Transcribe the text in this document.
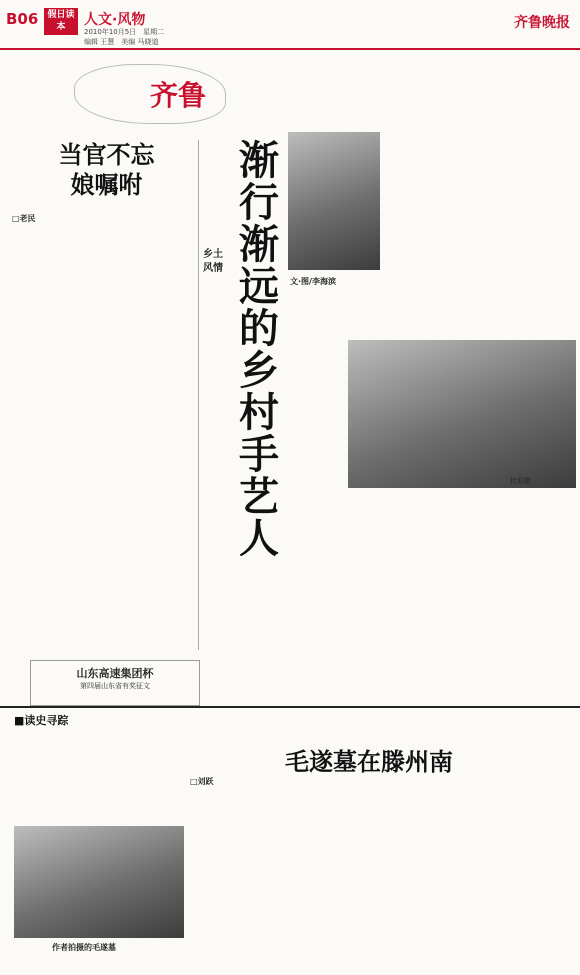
B06	假日读本	人文·风物
2010年10月5日　星期二
编辑 王慧　美编 马晓道
齐鲁晚报
齐鲁
当官不忘
娘嘱咐
□老民
乡土风情
渐行渐远的乡村手艺人
文·图/李海滨
杜迎摄
山东高速集团杯
第四届山东省有奖征文
■读史寻踪
毛遂墓在滕州南
□刘跃
作者拍摄的毛遂墓
